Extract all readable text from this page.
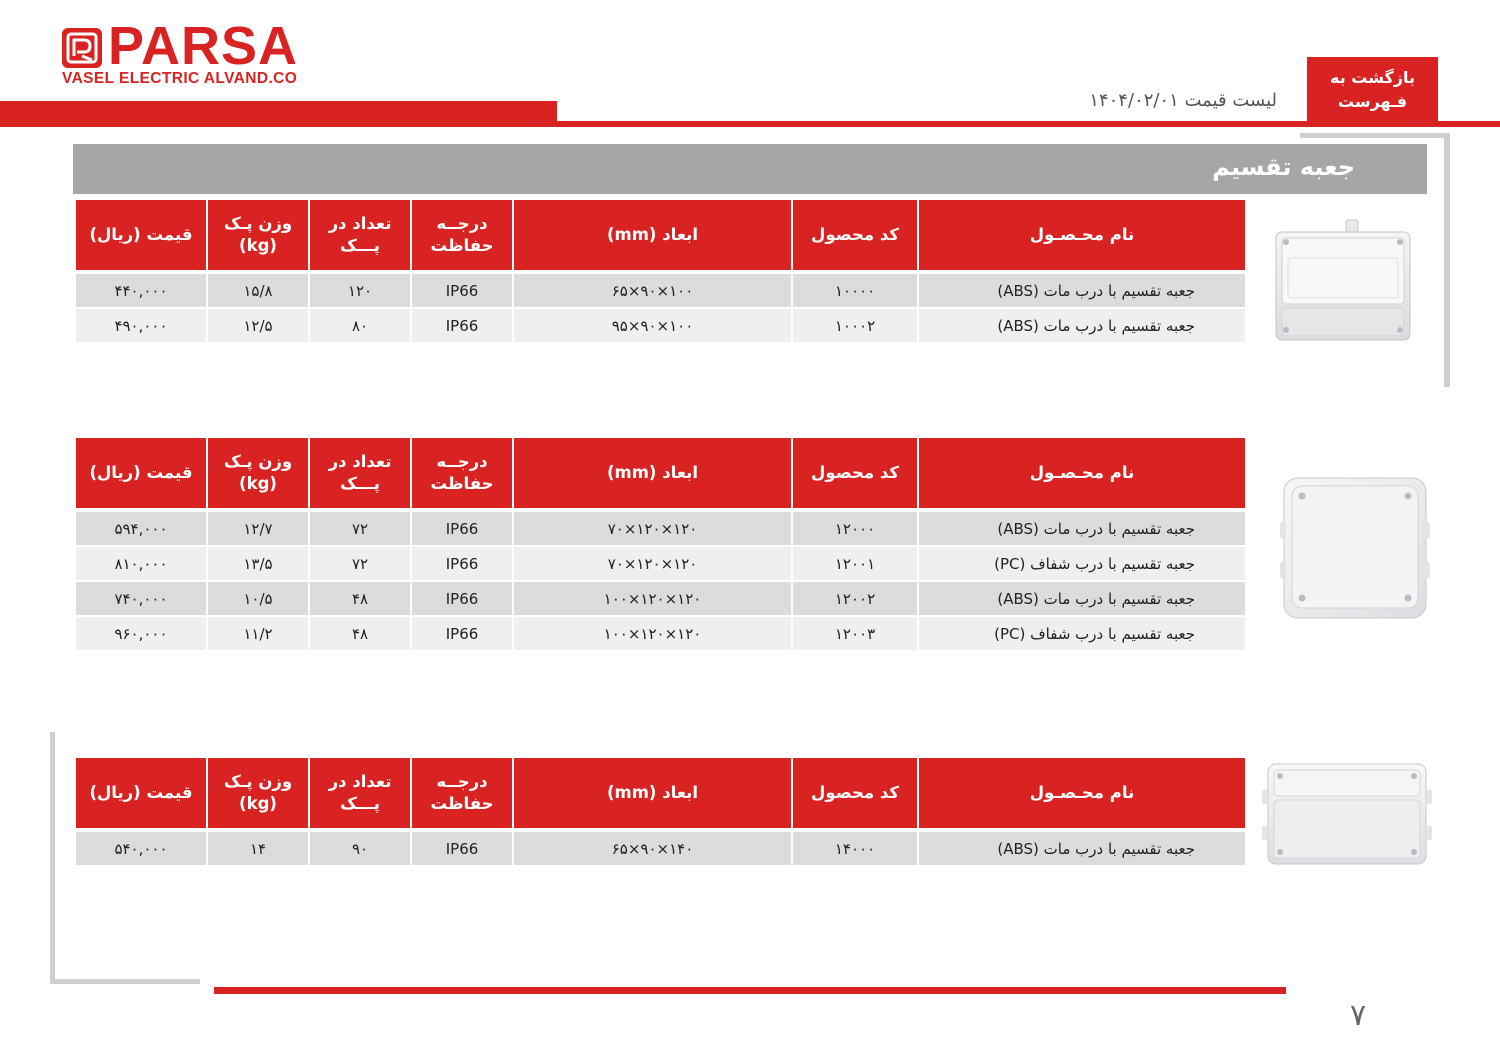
PARSA
VASEL ELECTRIC ALVAND.CO	بازگشت به فـهرست
لیست قیمت ۱۴۰۴/۰۲/۰۱
جعبه تقسیم
نام محـصـول	کد محصول	ابعاد (mm)	درجــه حفاظت	تعداد در پـــک	وزن پـک (kg)	قیمت (ریال)
جعبه تقسیم با درب مات (ABS)	۱۰۰۰۰	۱۰۰×۹۰×۶۵	IP66	۱۲۰	۱۵/۸	۴۴۰,۰۰۰
جعبه تقسیم با درب مات (ABS)	۱۰۰۰۲	۱۰۰×۹۰×۹۵	IP66	۸۰	۱۲/۵	۴۹۰,۰۰۰
نام محـصـول	کد محصول	ابعاد (mm)	درجــه حفاظت	تعداد در پـــک	وزن پـک (kg)	قیمت (ریال)
جعبه تقسیم با درب مات (ABS)	۱۲۰۰۰	۱۲۰×۱۲۰×۷۰	IP66	۷۲	۱۲/۷	۵۹۴,۰۰۰
جعبه تقسیم با درب شفاف (PC)	۱۲۰۰۱	۱۲۰×۱۲۰×۷۰	IP66	۷۲	۱۳/۵	۸۱۰,۰۰۰
جعبه تقسیم با درب مات (ABS)	۱۲۰۰۲	۱۲۰×۱۲۰×۱۰۰	IP66	۴۸	۱۰/۵	۷۴۰,۰۰۰
جعبه تقسیم با درب شفاف (PC)	۱۲۰۰۳	۱۲۰×۱۲۰×۱۰۰	IP66	۴۸	۱۱/۲	۹۶۰,۰۰۰
نام محـصـول	کد محصول	ابعاد (mm)	درجــه حفاظت	تعداد در پـــک	وزن پـک (kg)	قیمت (ریال)
جعبه تقسیم با درب مات (ABS)	۱۴۰۰۰	۱۴۰×۹۰×۶۵	IP66	۹۰	۱۴	۵۴۰,۰۰۰
۷
